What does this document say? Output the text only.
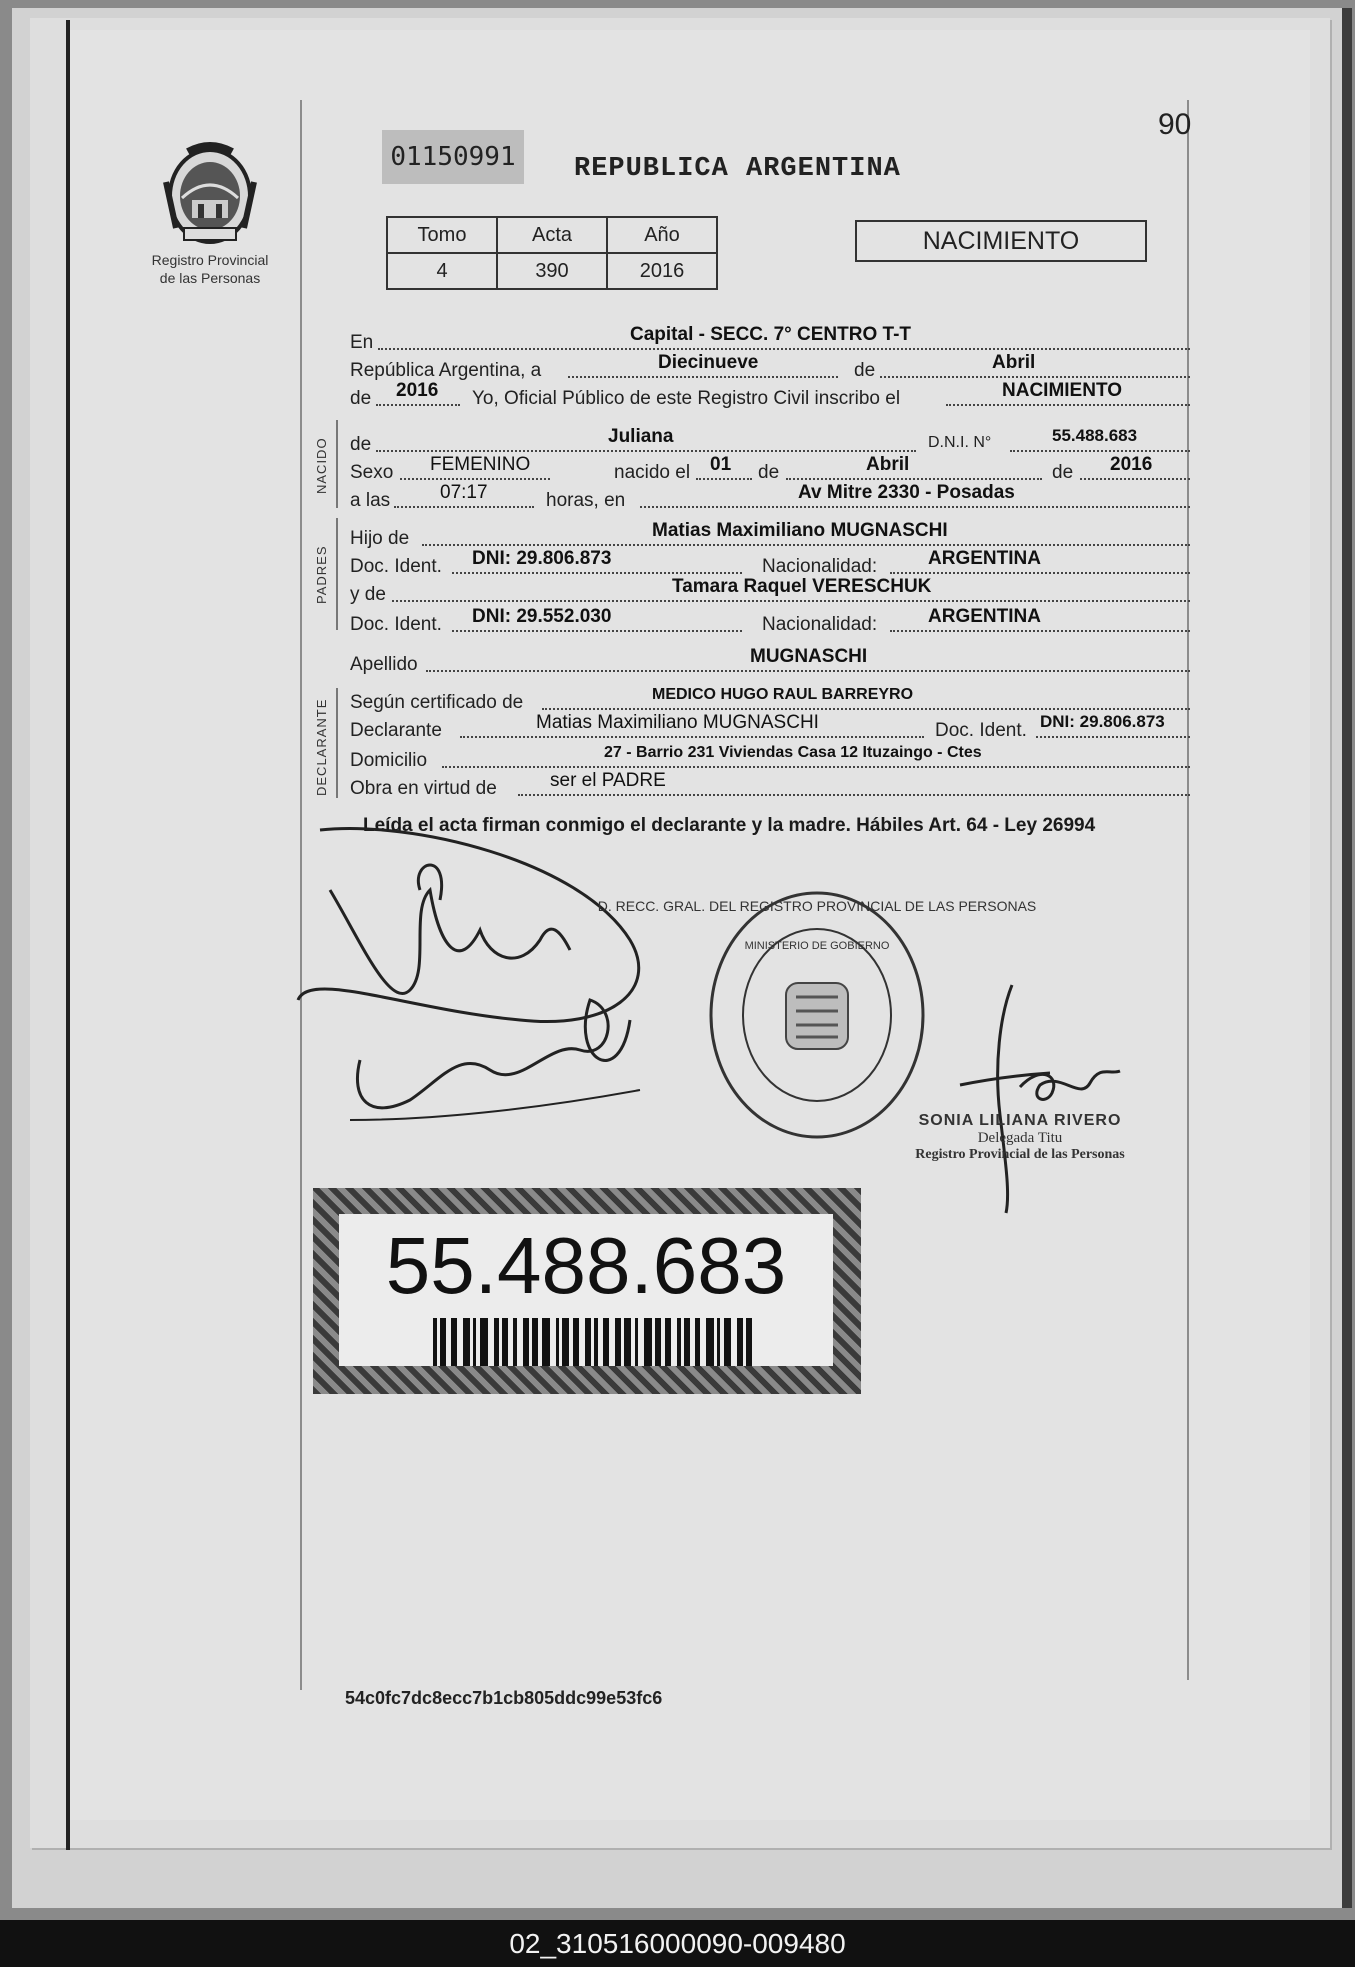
90
Registro Provincial
de las Personas
01150991	REPUBLICA ARGENTINA
Tomo	Acta	Año
4	390	2016
NACIMIENTO
En	Capital - SECC. 7° CENTRO T-T
República Argentina, a	Diecinueve	de	Abril
de 2016 Yo, Oficial Público de este Registro Civil inscribo el	NACIMIENTO
NACIDO de	Juliana	D.N.I. N°	55.488.683
Sexo FEMENINO	nacido el 01 de	Abril	de 2016
a las	07:17	horas, en	Av Mitre 2330 - Posadas
PADRES
Hijo de	Matias Maximiliano MUGNASCHI
Doc. Ident. DNI: 29.806.873	Nacionalidad:	ARGENTINA
y de	Tamara Raquel VERESCHUK
Doc. Ident. DNI: 29.552.030	Nacionalidad:	ARGENTINA
Apellido	MUGNASCHI
DECLARANTE Según certificado de	MEDICO HUGO RAUL BARREYRO
Declarante	Matias Maximiliano MUGNASCHI	Doc. Ident. DNI: 29.806.873
Domicilio	27 - Barrio 231 Viviendas Casa 12 Ituzaingo - Ctes
Obra en virtud de	ser el PADRE
Leída el acta firman conmigo el declarante y la madre. Hábiles Art. 64 - Ley 26994
D. RECC. GRAL. DEL REGISTRO PROVINCIAL DE LAS PERSONAS
MINISTERIO DE GOBIERNO
SONIA LILIANA RIVERO
Delegada Titu
Registro Provincial de las Personas
55.488.683
54c0fc7dc8ecc7b1cb805ddc99e53fc6
02_310516000090-009480
